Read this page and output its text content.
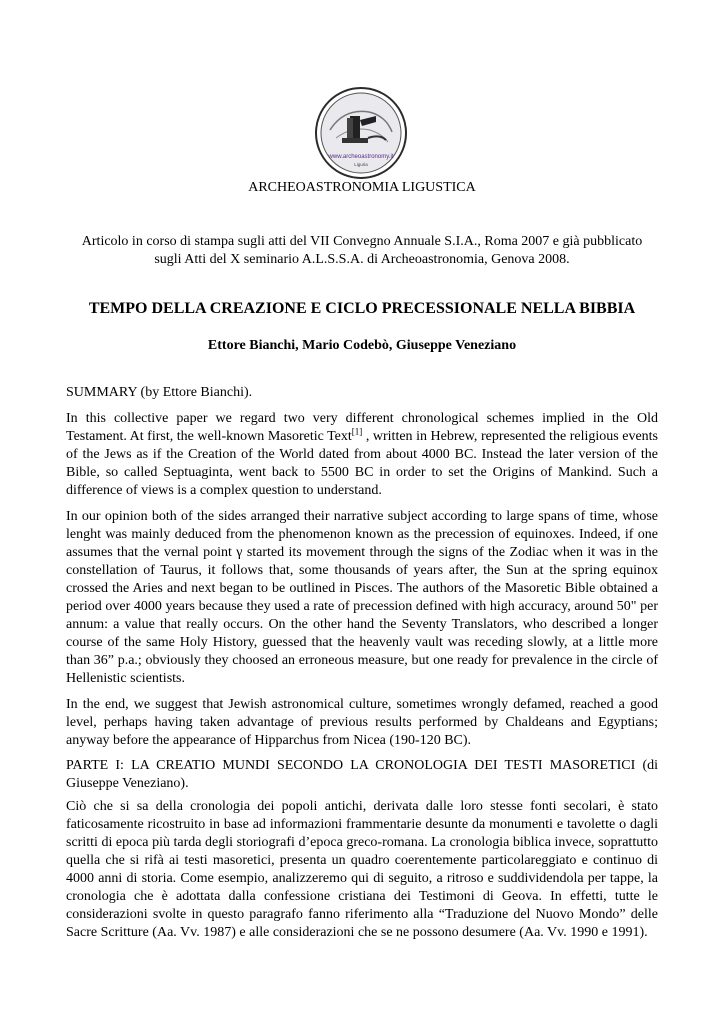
www.archeoastronomy.it
Liguria
ARCHEOASTRONOMIA LIGUSTICA
Articolo in corso di stampa sugli atti del VII Convegno Annuale S.I.A., Roma 2007 e già pubblicato
sugli Atti del X seminario A.L.S.S.A. di Archeoastronomia, Genova 2008.
TEMPO DELLA CREAZIONE E CICLO PRECESSIONALE NELLA BIBBIA
Ettore Bianchi, Mario Codebò, Giuseppe Veneziano
SUMMARY (by Ettore Bianchi).

In this collective paper we regard two very different chronological schemes implied in the Old Testament. At first, the well-known Masoretic Text[1] , written in Hebrew, represented the religious events of the Jews as if the Creation of the World dated from about 4000 BC. Instead the later version of the Bible, so called Septuaginta, went back to 5500 BC in order to set the Origins of Mankind. Such a difference of views is a complex question to understand.

In our opinion both of the sides arranged their narrative subject according to large spans of time, whose lenght was mainly deduced from the phenomenon known as the precession of equinoxes. Indeed, if one assumes that the vernal point γ started its movement through the signs of the Zodiac when it was in the constellation of Taurus, it follows that, some thousands of years after, the Sun at the spring equinox crossed the Aries and next began to be outlined in Pisces. The authors of the Masoretic Bible obtained a period over 4000 years because they used a rate of precession defined with high accuracy, around 50" per annum: a value that really occurs. On the other hand the Seventy Translators, who described a longer course of the same Holy History, guessed that the heavenly vault was receding slowly, at a little more than 36” p.a.; obviously they choosed an erroneous measure, but one ready for prevalence in the circle of Hellenistic scientists.

In the end, we suggest that Jewish astronomical culture, sometimes wrongly defamed, reached a good level, perhaps having taken advantage of previous results performed by Chaldeans and Egyptians; anyway before the appearance of Hipparchus from Nicea (190-120 BC).

PARTE I: LA CREATIO MUNDI SECONDO LA CRONOLOGIA DEI TESTI MASORETICI (di Giuseppe Veneziano).

Ciò che si sa della cronologia dei popoli antichi, derivata dalle loro stesse fonti secolari, è stato faticosamente ricostruito in base ad informazioni frammentarie desunte da monumenti e tavolette o dagli scritti di epoca più tarda degli storiografi d’epoca greco-romana. La cronologia biblica invece, soprattutto quella che si rifà ai testi masoretici, presenta un quadro coerentemente particolareggiato e continuo di 4000 anni di storia. Come esempio, analizzeremo qui di seguito, a ritroso e suddividendola per tappe, la cronologia che è adottata dalla confessione cristiana dei Testimoni di Geova. In effetti, tutte le considerazioni svolte in questo paragrafo fanno riferimento alla “Traduzione del Nuovo Mondo” delle Sacre Scritture (Aa. Vv. 1987) e alle considerazioni che se ne possono desumere (Aa. Vv. 1990 e 1991).
